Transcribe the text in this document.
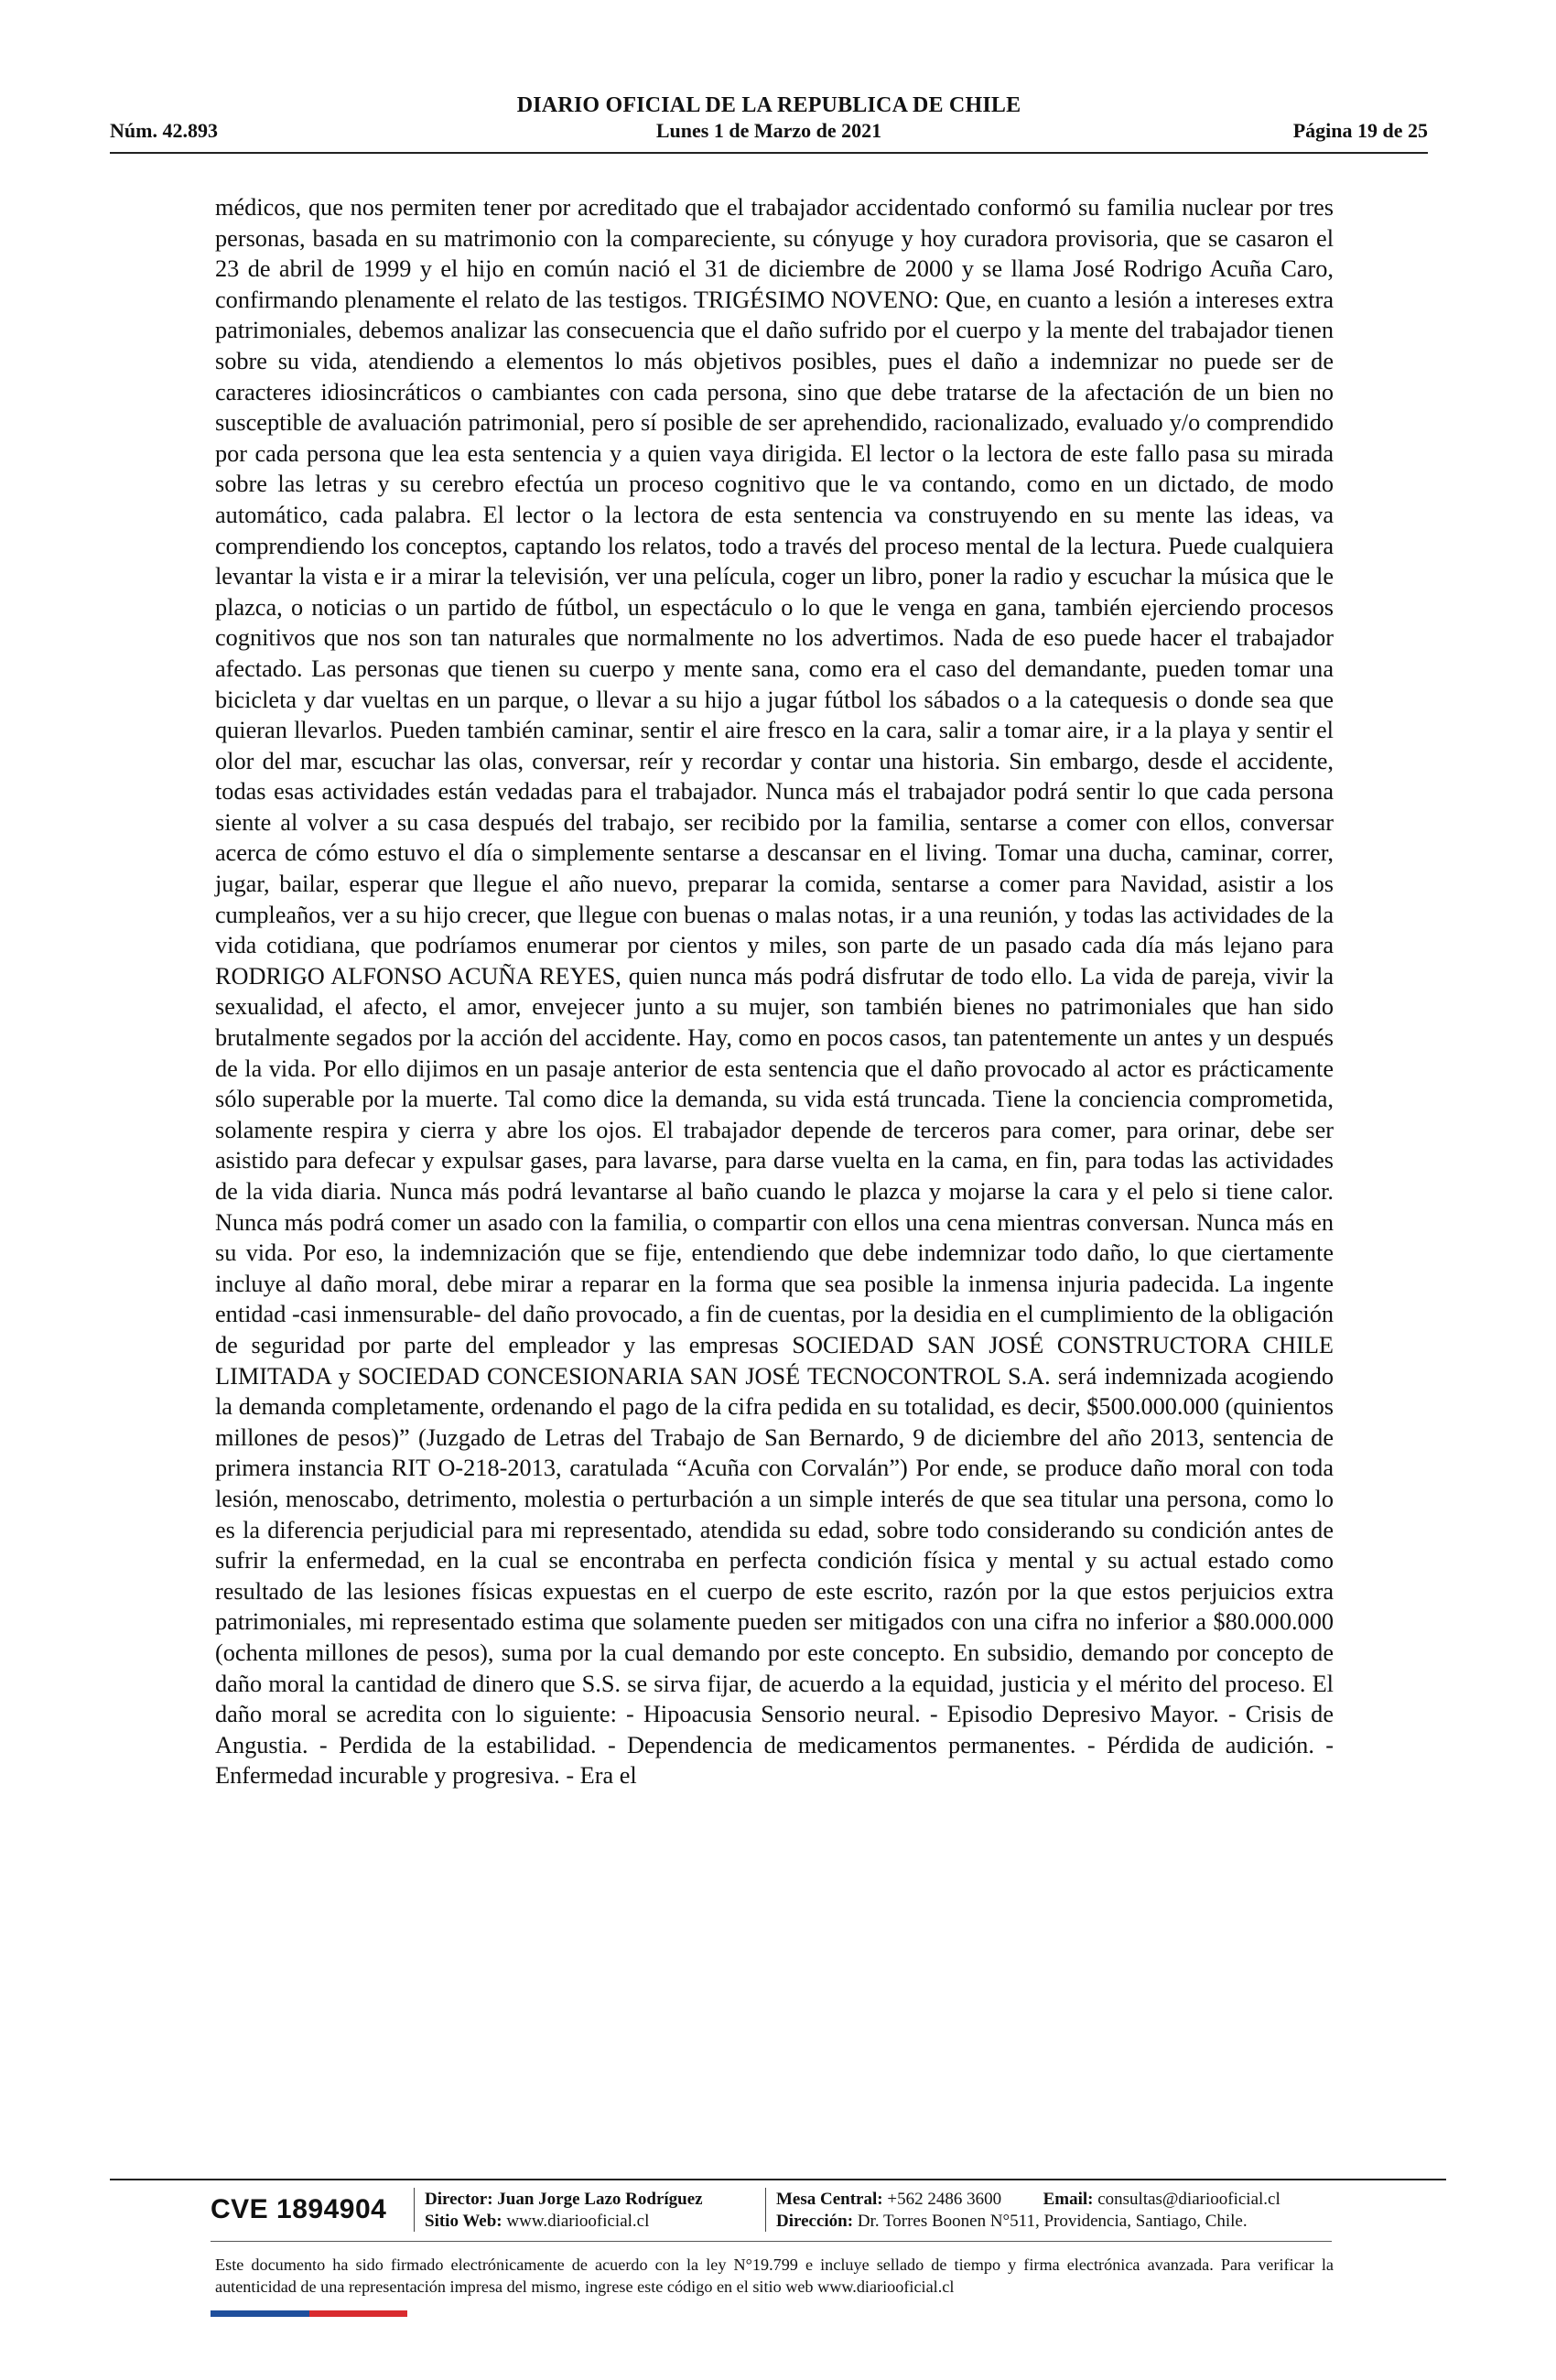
DIARIO OFICIAL DE LA REPUBLICA DE CHILE
Núm. 42.893	Lunes 1 de Marzo de 2021	Página 19 de 25

médicos, que nos permiten tener por acreditado que el trabajador accidentado conformó su familia nuclear por tres personas, basada en su matrimonio con la compareciente, su cónyuge y hoy curadora provisoria, que se casaron el 23 de abril de 1999 y el hijo en común nació el 31 de diciembre de 2000 y se llama José Rodrigo Acuña Caro, confirmando plenamente el relato de las testigos. TRIGÉSIMO NOVENO: Que, en cuanto a lesión a intereses extra patrimoniales, debemos analizar las consecuencia que el daño sufrido por el cuerpo y la mente del trabajador tienen sobre su vida, atendiendo a elementos lo más objetivos posibles, pues el daño a indemnizar no puede ser de caracteres idiosincráticos o cambiantes con cada persona, sino que debe tratarse de la afectación de un bien no susceptible de avaluación patrimonial, pero sí posible de ser aprehendido, racionalizado, evaluado y/o comprendido por cada persona que lea esta sentencia y a quien vaya dirigida. El lector o la lectora de este fallo pasa su mirada sobre las letras y su cerebro efectúa un proceso cognitivo que le va contando, como en un dictado, de modo automático, cada palabra. El lector o la lectora de esta sentencia va construyendo en su mente las ideas, va comprendiendo los conceptos, captando los relatos, todo a través del proceso mental de la lectura. Puede cualquiera levantar la vista e ir a mirar la televisión, ver una película, coger un libro, poner la radio y escuchar la música que le plazca, o noticias o un partido de fútbol, un espectáculo o lo que le venga en gana, también ejerciendo procesos cognitivos que nos son tan naturales que normalmente no los advertimos. Nada de eso puede hacer el trabajador afectado. Las personas que tienen su cuerpo y mente sana, como era el caso del demandante, pueden tomar una bicicleta y dar vueltas en un parque, o llevar a su hijo a jugar fútbol los sábados o a la catequesis o donde sea que quieran llevarlos. Pueden también caminar, sentir el aire fresco en la cara, salir a tomar aire, ir a la playa y sentir el olor del mar, escuchar las olas, conversar, reír y recordar y contar una historia. Sin embargo, desde el accidente, todas esas actividades están vedadas para el trabajador. Nunca más el trabajador podrá sentir lo que cada persona siente al volver a su casa después del trabajo, ser recibido por la familia, sentarse a comer con ellos, conversar acerca de cómo estuvo el día o simplemente sentarse a descansar en el living. Tomar una ducha, caminar, correr, jugar, bailar, esperar que llegue el año nuevo, preparar la comida, sentarse a comer para Navidad, asistir a los cumpleaños, ver a su hijo crecer, que llegue con buenas o malas notas, ir a una reunión, y todas las actividades de la vida cotidiana, que podríamos enumerar por cientos y miles, son parte de un pasado cada día más lejano para RODRIGO ALFONSO ACUÑA REYES, quien nunca más podrá disfrutar de todo ello. La vida de pareja, vivir la sexualidad, el afecto, el amor, envejecer junto a su mujer, son también bienes no patrimoniales que han sido brutalmente segados por la acción del accidente. Hay, como en pocos casos, tan patentemente un antes y un después de la vida. Por ello dijimos en un pasaje anterior de esta sentencia que el daño provocado al actor es prácticamente sólo superable por la muerte. Tal como dice la demanda, su vida está truncada. Tiene la conciencia comprometida, solamente respira y cierra y abre los ojos. El trabajador depende de terceros para comer, para orinar, debe ser asistido para defecar y expulsar gases, para lavarse, para darse vuelta en la cama, en fin, para todas las actividades de la vida diaria. Nunca más podrá levantarse al baño cuando le plazca y mojarse la cara y el pelo si tiene calor. Nunca más podrá comer un asado con la familia, o compartir con ellos una cena mientras conversan. Nunca más en su vida. Por eso, la indemnización que se fije, entendiendo que debe indemnizar todo daño, lo que ciertamente incluye al daño moral, debe mirar a reparar en la forma que sea posible la inmensa injuria padecida. La ingente entidad -casi inmensurable- del daño provocado, a fin de cuentas, por la desidia en el cumplimiento de la obligación de seguridad por parte del empleador y las empresas SOCIEDAD SAN JOSÉ CONSTRUCTORA CHILE LIMITADA y SOCIEDAD CONCESIONARIA SAN JOSÉ TECNOCONTROL S.A. será indemnizada acogiendo la demanda completamente, ordenando el pago de la cifra pedida en su totalidad, es decir, $500.000.000 (quinientos millones de pesos)” (Juzgado de Letras del Trabajo de San Bernardo, 9 de diciembre del año 2013, sentencia de primera instancia RIT O-218-2013, caratulada “Acuña con Corvalán”) Por ende, se produce daño moral con toda lesión, menoscabo, detrimento, molestia o perturbación a un simple interés de que sea titular una persona, como lo es la diferencia perjudicial para mi representado, atendida su edad, sobre todo considerando su condición antes de sufrir la enfermedad, en la cual se encontraba en perfecta condición física y mental y su actual estado como resultado de las lesiones físicas expuestas en el cuerpo de este escrito, razón por la que estos perjuicios extra patrimoniales, mi representado estima que solamente pueden ser mitigados con una cifra no inferior a $80.000.000 (ochenta millones de pesos), suma por la cual demando por este concepto. En subsidio, demando por concepto de daño moral la cantidad de dinero que S.S. se sirva fijar, de acuerdo a la equidad, justicia y el mérito del proceso. El daño moral se acredita con lo siguiente: - Hipoacusia Sensorio neural. - Episodio Depresivo Mayor. - Crisis de Angustia. - Perdida de la estabilidad. - Dependencia de medicamentos permanentes. - Pérdida de audición. - Enfermedad incurable y progresiva. - Era el

CVE 1894904	Director: Juan Jorge Lazo Rodríguez
Sitio Web: www.diariooficial.cl
Mesa Central: +562 2486 3600 Email: consultas@diariooficial.cl
Dirección: Dr. Torres Boonen N°511, Providencia, Santiago, Chile.
Este documento ha sido firmado electrónicamente de acuerdo con la ley N°19.799 e incluye sellado de tiempo y firma electrónica avanzada. Para verificar la autenticidad de una representación impresa del mismo, ingrese este código en el sitio web www.diariooficial.cl
